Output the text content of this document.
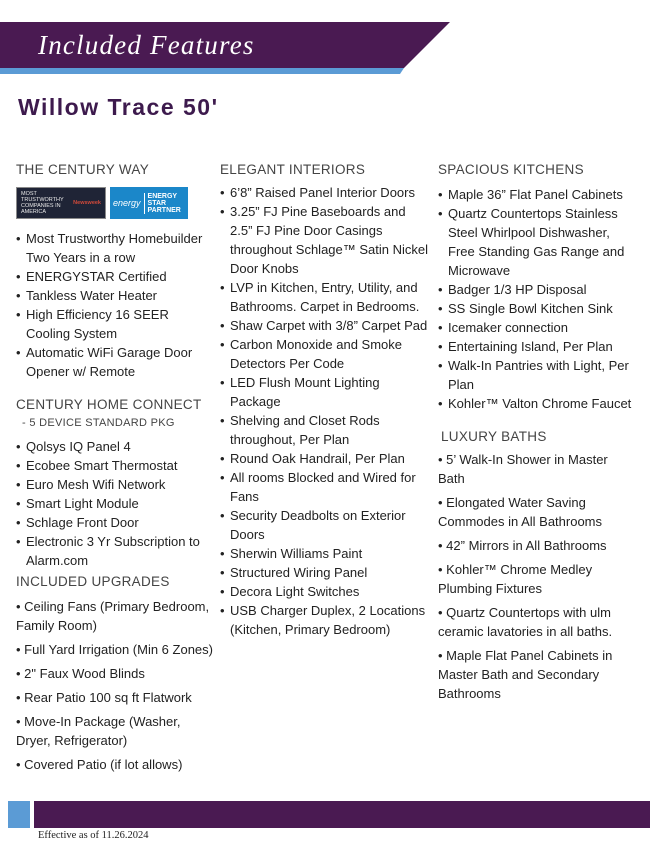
Included Features
Willow Trace 50'

THE CENTURY WAY

MOST TRUSTWORTHY COMPANIES IN AMERICA
Newsweek energy
ENERGY STAR PARTNER
• Most Trustworthy Homebuilder Two Years in a row
• ENERGYSTAR Certified
• Tankless Water Heater
• High Efficiency 16 SEER Cooling System
• Automatic WiFi Garage Door Opener w/ Remote

CENTURY HOME CONNECT

- 5 DEVICE STANDARD PKG
• Qolsys IQ Panel 4
• Ecobee Smart Thermostat
• Euro Mesh Wifi Network
• Smart Light Module
• Schlage Front Door
• Electronic 3 Yr Subscription to Alarm.com

INCLUDED UPGRADES

• Ceiling Fans (Primary Bedroom, Family Room)
• Full Yard Irrigation (Min 6 Zones)
• 2" Faux Wood Blinds
• Rear Patio 100 sq ft Flatwork
• Move-In Package (Washer, Dryer, Refrigerator)
• Covered Patio (if lot allows)

ELEGANT INTERIORS

• 6’8” Raised Panel Interior Doors
• 3.25” FJ Pine Baseboards and 2.5” FJ Pine Door Casings throughout Schlage™ Satin Nickel Door Knobs
• LVP in Kitchen, Entry, Utility, and Bathrooms. Carpet in Bedrooms.
• Shaw Carpet with 3/8” Carpet Pad
• Carbon Monoxide and Smoke Detectors Per Code
• LED Flush Mount Lighting Package
• Shelving and Closet Rods throughout, Per Plan
• Round Oak Handrail, Per Plan
• All rooms Blocked and Wired for Fans
• Security Deadbolts on Exterior Doors
• Sherwin Williams Paint
• Structured Wiring Panel
• Decora Light Switches
• USB Charger Duplex, 2 Locations (Kitchen, Primary Bedroom)

SPACIOUS KITCHENS

• Maple 36” Flat Panel Cabinets
• Quartz Countertops Stainless Steel Whirlpool Dishwasher, Free Standing Gas Range and Microwave
• Badger 1/3 HP Disposal
• SS Single Bowl Kitchen Sink
• Icemaker connection
• Entertaining Island, Per Plan
• Walk-In Pantries with Light, Per Plan
• Kohler™ Valton Chrome Faucet

LUXURY BATHS

• 5’ Walk-In Shower in Master Bath
• Elongated Water Saving Commodes in All Bathrooms
• 42” Mirrors in All Bathrooms
• Kohler™ Chrome Medley Plumbing Fixtures
• Quartz Countertops with ulm ceramic lavatories in all baths.
• Maple Flat Panel Cabinets in Master Bath and Secondary Bathrooms
Effective as of 11.26.2024
